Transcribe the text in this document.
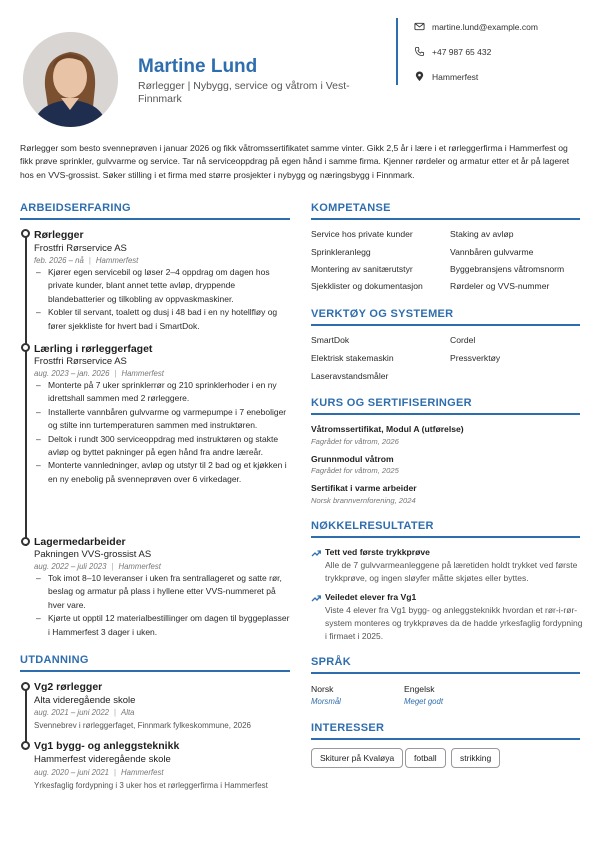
Martine Lund
Rørlegger | Nybygg, service og våtrom i Vest-Finnmark
martine.lund@example.com
+47 987 65 432
Hammerfest
Rørlegger som besto svenneprøven i januar 2026 og fikk våtromssertifikatet samme vinter. Gikk 2,5 år i lære i et rørleggerfirma i Hammerfest og fikk prøve sprinkler, gulvvarme og service. Tar nå serviceoppdrag på egen hånd i samme firma. Kjenner rørdeler og armatur etter et år på lageret hos en VVS-grossist. Søker stilling i et firma med større prosjekter i nybygg og næringsbygg i Finnmark.
ARBEIDSERFARING
Rørlegger
Frostfri Rørservice AS
feb. 2026 – nå | Hammerfest
– Kjører egen servicebil og løser 2–4 oppdrag om dagen hos private kunder, blant annet tette avløp, dryppende blandebatterier og tilkobling av oppvaskmaskiner.
– Kobler til servant, toalett og dusj i 48 bad i en ny hotellfløy og fører sjekkliste for hvert bad i SmartDok.
Lærling i rørleggerfaget
Frostfri Rørservice AS
aug. 2023 – jan. 2026 | Hammerfest
– Monterte på 7 uker sprinklerrør og 210 sprinklerhoder i en ny idrettshall sammen med 2 rørleggere.
– Installerte vannbåren gulvvarme og varmepumpe i 7 eneboliger og stilte inn turtemperaturen sammen med instruktøren.
– Deltok i rundt 300 serviceoppdrag med instruktøren og stakte avløp og byttet pakninger på egen hånd fra andre læreår.
– Monterte vannledninger, avløp og utstyr til 2 bad og et kjøkken i en ny enebolig på svenneprøven over 6 virkedager.
Lagermedarbeider
Pakningen VVS-grossist AS
aug. 2022 – juli 2023 | Hammerfest
– Tok imot 8–10 leveranser i uken fra sentrallageret og satte rør, beslag og armatur på plass i hyllene etter VVS-nummeret på hver vare.
– Kjørte ut opptil 12 materialbestillinger om dagen til byggeplasser i Hammerfest 3 dager i uken.
UTDANNING
Vg2 rørlegger
Alta videregående skole
aug. 2021 – juni 2022 | Alta
Svennebrev i rørleggerfaget, Finnmark fylkeskommune, 2026
Vg1 bygg- og anleggsteknikk
Hammerfest videregående skole
aug. 2020 – juni 2021 | Hammerfest
Yrkesfaglig fordypning i 3 uker hos et rørleggerfirma i Hammerfest
KOMPETANSE
Service hos private kunder	Staking av avløp
Sprinkleranlegg	Vannbåren gulvvarme
Montering av sanitærutstyr	Byggebransjens våtromsnorm
Sjekklister og dokumentasjon	Rørdeler og VVS-nummer
VERKTØY OG SYSTEMER
SmartDok	Cordel
Elektrisk stakemaskin	Pressverktøy
Laseravstandsmåler
KURS OG SERTIFISERINGER
Våtromssertifikat, Modul A (utførelse)
Fagrådet for våtrom, 2026
Grunnmodul våtrom
Fagrådet for våtrom, 2025
Sertifikat i varme arbeider
Norsk brannvernforening, 2024
NØKKELRESULTATER
Tett ved første trykkprøve
Alle de 7 gulvvarmeanleggene på læretiden holdt trykket ved første trykkprøve, og ingen sløyfer måtte skjøtes eller byttes.
Veiledet elever fra Vg1
Viste 4 elever fra Vg1 bygg- og anleggsteknikk hvordan et rør-i-rør-system monteres og trykkprøves da de hadde yrkesfaglig fordypning i firmaet i 2025.
SPRÅK
Norsk
Morsmål
Engelsk
Meget godt
INTERESSER
Skiturer på Kvaløya	fotball	strikking
